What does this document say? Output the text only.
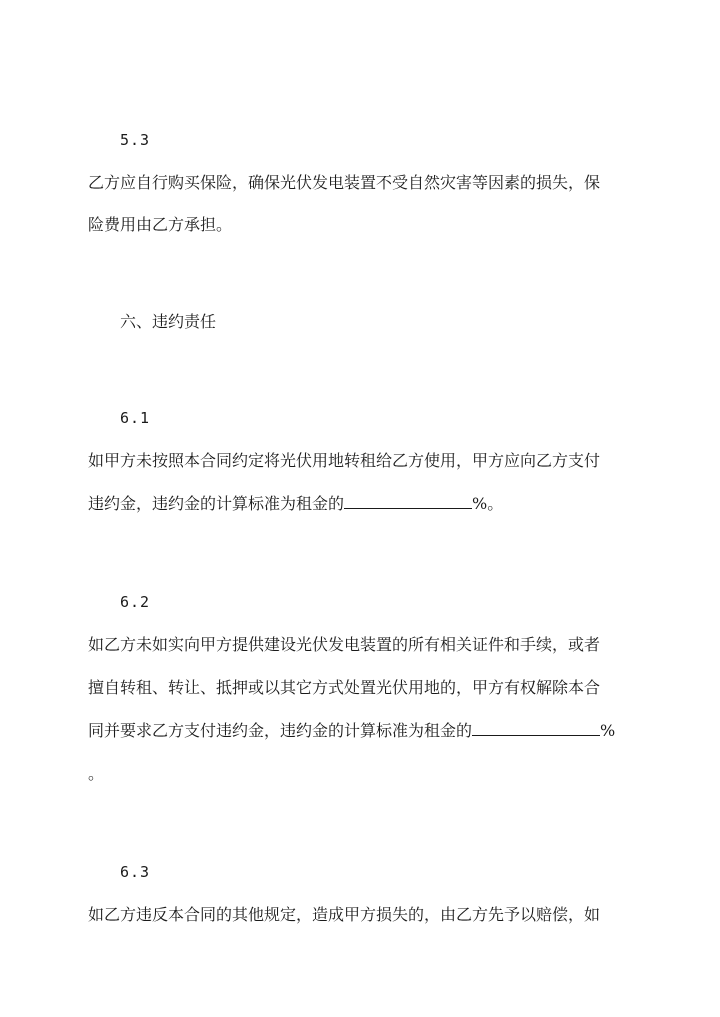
5.3
乙方应自行购买保险，确保光伏发电装置不受自然灾害等因素的损失，保
险费用由乙方承担。
六、违约责任
6.1
如甲方未按照本合同约定将光伏用地转租给乙方使用，甲方应向乙方支付
违约金，违约金的计算标准为租金的	%。
6.2
如乙方未如实向甲方提供建设光伏发电装置的所有相关证件和手续，或者
擅自转租、转让、抵押或以其它方式处置光伏用地的，甲方有权解除本合
同并要求乙方支付违约金，违约金的计算标准为租金的	%
。
6.3
如乙方违反本合同的其他规定，造成甲方损失的，由乙方先予以赔偿，如
